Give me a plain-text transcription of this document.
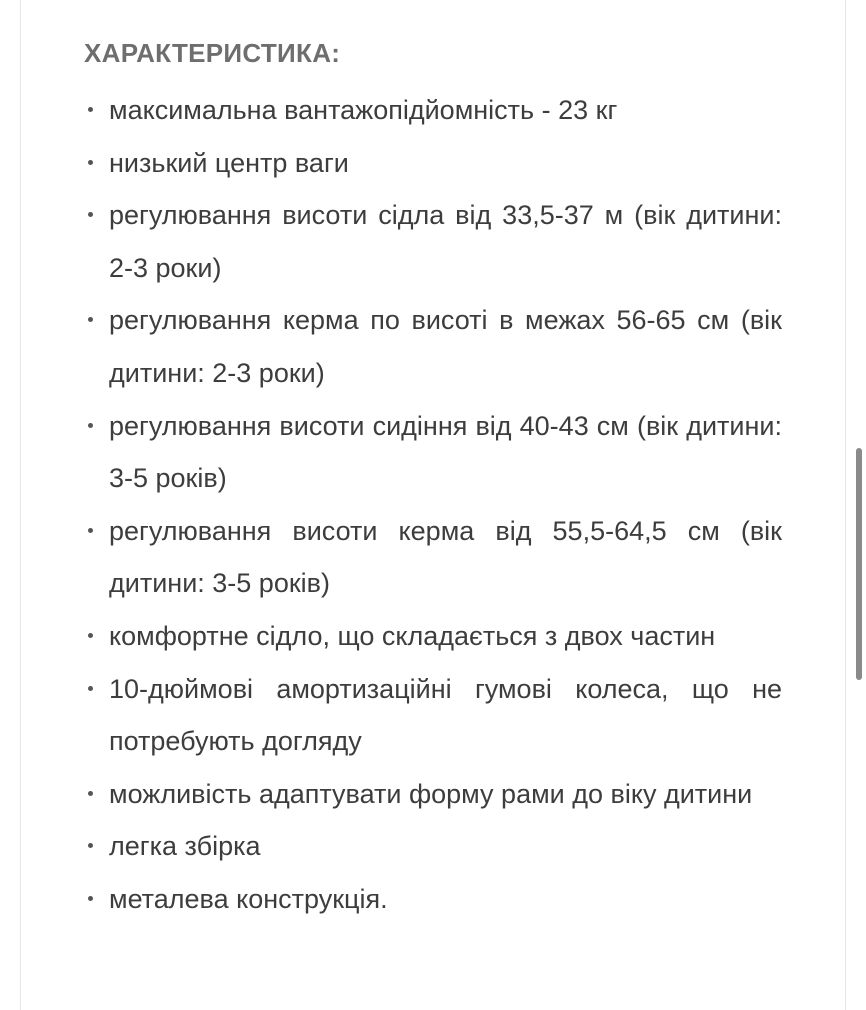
ХАРАКТЕРИСТИКА:
максимальна вантажопідйомність - 23 кг
низький центр ваги
регулювання висоти сідла від 33,5-37 м (вік дитини: 2-3 роки)
регулювання керма по висоті в межах 56-65 см (вік дитини: 2-3 роки)
регулювання висоти сидіння від 40-43 см (вік дитини: 3-5 років)
регулювання висоти керма від 55,5-64,5 см (вік дитини: 3-5 років)
комфортне сідло, що складається з двох частин
10-дюймові амортизаційні гумові колеса, що не потребують догляду
можливість адаптувати форму рами до віку дитини
легка збірка
металева конструкція.
